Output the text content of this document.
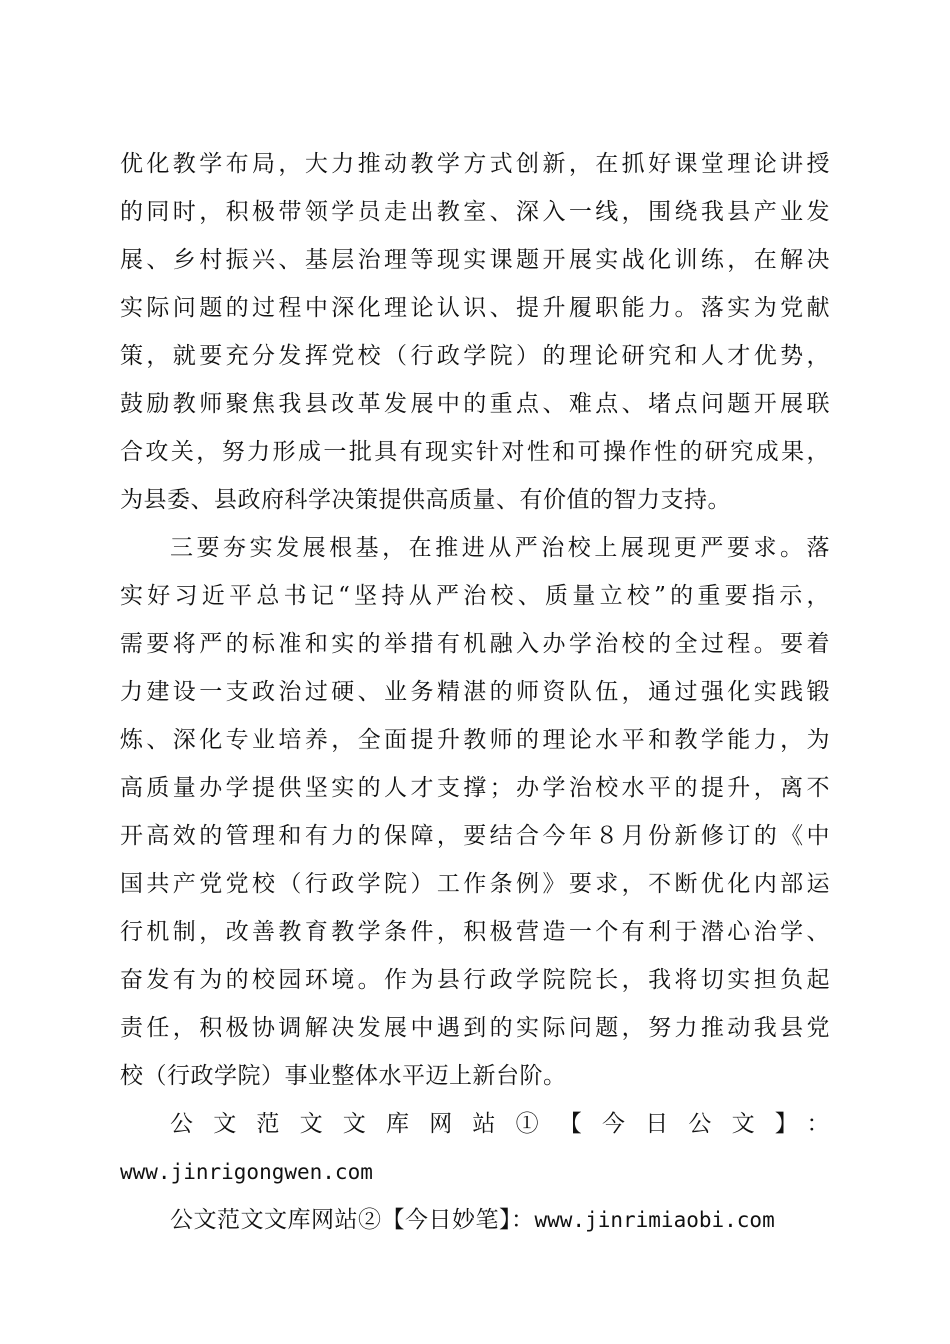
优化教学布局，大力推动教学方式创新，在抓好课堂理论讲授
的同时，积极带领学员走出教室、深入一线，围绕我县产业发
展、乡村振兴、基层治理等现实课题开展实战化训练，在解决
实际问题的过程中深化理论认识、提升履职能力。落实为党献
策，就要充分发挥党校（行政学院）的理论研究和人才优势，
鼓励教师聚焦我县改革发展中的重点、难点、堵点问题开展联
合攻关，努力形成一批具有现实针对性和可操作性的研究成果，
为县委、县政府科学决策提供高质量、有价值的智力支持。
三要夯实发展根基，在推进从严治校上展现更严要求。落
实好习近平总书记“坚持从严治校、质量立校”的重要指示，
需要将严的标准和实的举措有机融入办学治校的全过程。要着
力建设一支政治过硬、业务精湛的师资队伍，通过强化实践锻
炼、深化专业培养，全面提升教师的理论水平和教学能力，为
高质量办学提供坚实的人才支撑；办学治校水平的提升，离不
开高效的管理和有力的保障，要结合今年８月份新修订的《中
国共产党党校（行政学院）工作条例》要求，不断优化内部运
行机制，改善教育教学条件，积极营造一个有利于潜心治学、
奋发有为的校园环境。作为县行政学院院长，我将切实担负起
责任，积极协调解决发展中遇到的实际问题，努力推动我县党
校（行政学院）事业整体水平迈上新台阶。
公文范文文库网站①【今日公文】：
www.jinrigongwen.com
公文范文文库网站②【今日妙笔】：www.jinrimiaobi.com
